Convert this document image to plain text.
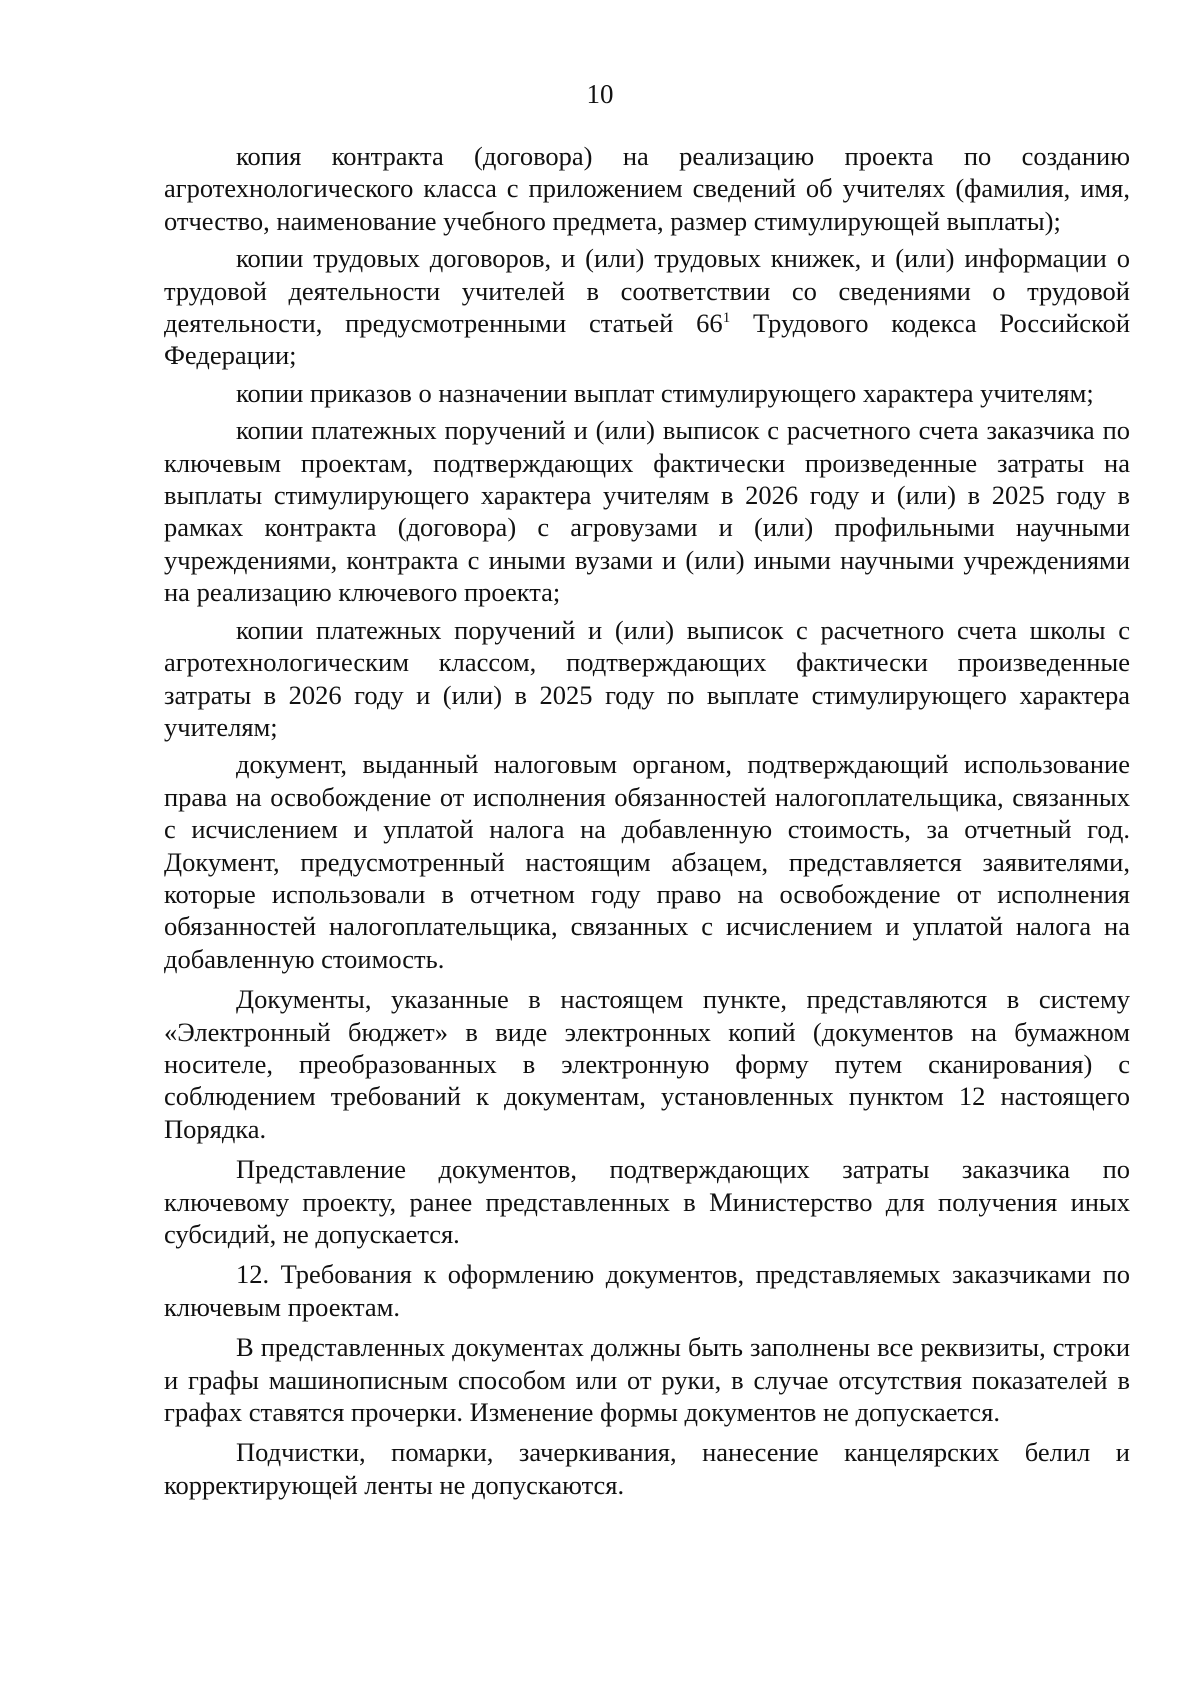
10

копия контракта (договора) на реализацию проекта по созданию агротехнологического класса с приложением сведений об учителях (фамилия, имя, отчество, наименование учебного предмета, размер стимулирующей выплаты);

копии трудовых договоров, и (или) трудовых книжек, и (или) информации о трудовой деятельности учителей в соответствии со сведениями о трудовой деятельности, предусмотренными статьей $66^1$ Трудового кодекса Российской Федерации;

копии приказов о назначении выплат стимулирующего характера учителям;

копии платежных поручений и (или) выписок с расчетного счета заказчика по ключевым проектам, подтверждающих фактически произведенные затраты на выплаты стимулирующего характера учителям в 2026 году и (или) в 2025 году в рамках контракта (договора) с агровузами и (или) профильными научными учреждениями, контракта с иными вузами и (или) иными научными учреждениями на реализацию ключевого проекта;

копии платежных поручений и (или) выписок с расчетного счета школы с агротехнологическим классом, подтверждающих фактически произведенные затраты в 2026 году и (или) в 2025 году по выплате стимулирующего характера учителям;

документ, выданный налоговым органом, подтверждающий использование права на освобождение от исполнения обязанностей налогоплательщика, связанных с исчислением и уплатой налога на добавленную стоимость, за отчетный год. Документ, предусмотренный настоящим абзацем, представляется заявителями, которые использовали в отчетном году право на освобождение от исполнения обязанностей налогоплательщика, связанных с исчислением и уплатой налога на добавленную стоимость.

Документы, указанные в настоящем пункте, представляются в систему «Электронный бюджет» в виде электронных копий (документов на бумажном носителе, преобразованных в электронную форму путем сканирования) с соблюдением требований к документам, установленных пунктом 12 настоящего Порядка.

Представление документов, подтверждающих затраты заказчика по ключевому проекту, ранее представленных в Министерство для получения иных субсидий, не допускается.

12. Требования к оформлению документов, представляемых заказчиками по ключевым проектам.

В представленных документах должны быть заполнены все реквизиты, строки и графы машинописным способом или от руки, в случае отсутствия показателей в графах ставятся прочерки. Изменение формы документов не допускается.

Подчистки, помарки, зачеркивания, нанесение канцелярских белил и корректирующей ленты не допускаются.
